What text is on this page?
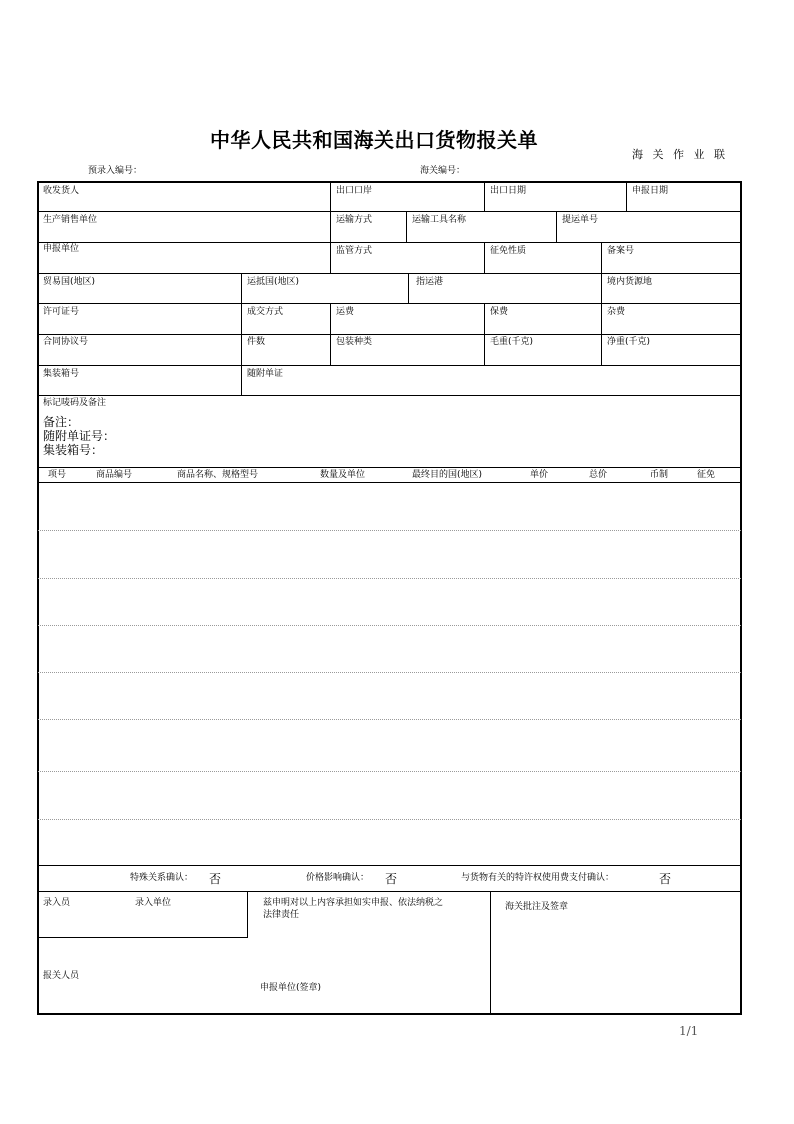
中华人民共和国海关出口货物报关单
海 关 作 业 联
预录入编号：	海关编号：
收发货人	出口口岸	出口日期	申报日期
生产销售单位	运输方式	运输工具名称	提运单号
申报单位	监管方式	征免性质	备案号
贸易国(地区)	运抵国(地区)	指运港	境内货源地
许可证号	成交方式	运费	保费	杂费
合同协议号	件数	包装种类	毛重(千克)	净重(千克)
集装箱号	随附单证
标记唛码及备注
备注：
随附单证号：
集装箱号：
项号	商品编号	商品名称、规格型号	数量及单位	最终目的国(地区)	单价	总价	币制	征免
特殊关系确认： 否	价格影响确认： 否	与货物有关的特许权使用费支付确认：	否
录入员	录入单位	兹申明对以上内容承担如实申报、依法纳税之
法律责任
海关批注及签章
报关人员
申报单位(签章)
1/1
